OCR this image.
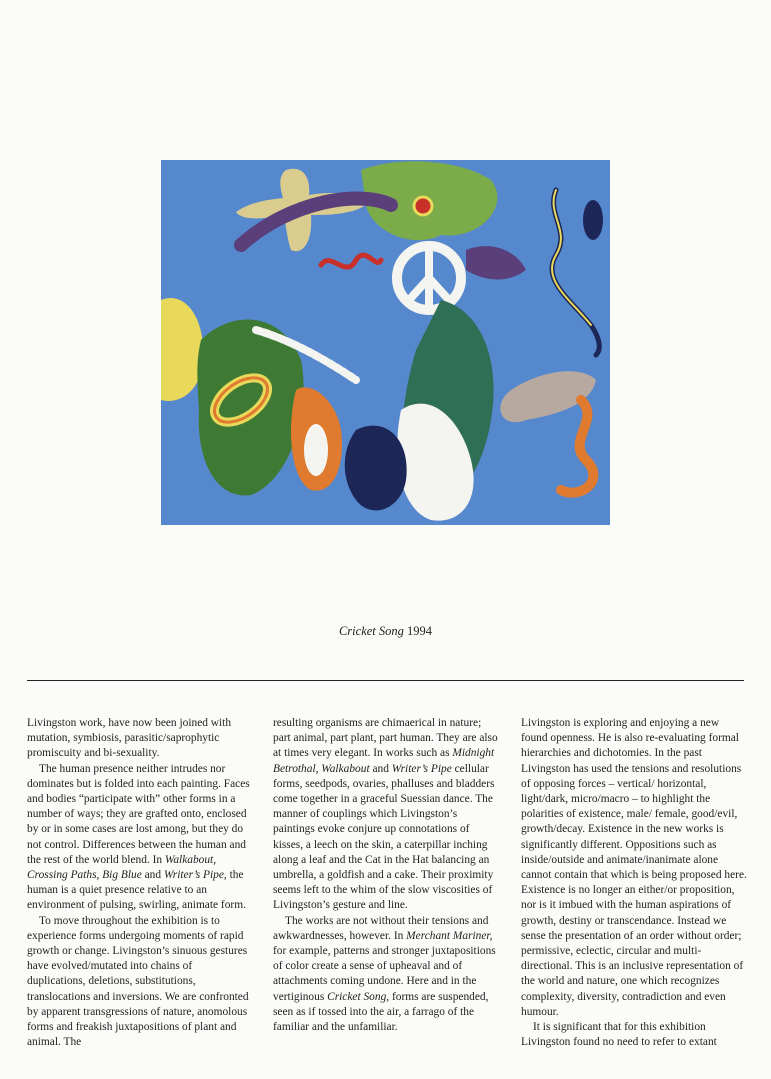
Cricket Song 1994

Livingston work, have now been joined with mutation, symbiosis, parasitic/saprophytic promiscuity and bi-sexuality.

The human presence neither intrudes nor dominates but is folded into each painting. Faces and bodies “participate with” other forms in a number of ways; they are grafted onto, enclosed by or in some cases are lost among, but they do not control. Differences between the human and the rest of the world blend. In Walkabout, Crossing Paths, Big Blue and Writer’s Pipe, the human is a quiet presence relative to an environment of pulsing, swirling, animate form.

To move throughout the exhibition is to experience forms undergoing moments of rapid growth or change. Livingston’s sinuous gestures have evolved/mutated into chains of duplications, deletions, substitutions, translocations and inversions. We are confronted by apparent transgressions of nature, anomolous forms and freakish juxtapositions of plant and animal. The

resulting organisms are chimaerical in nature; part animal, part plant, part human. They are also at times very elegant. In works such as Midnight Betrothal, Walkabout and Writer’s Pipe cellular forms, seedpods, ovaries, phalluses and bladders come together in a graceful Suessian dance. The manner of couplings which Livingston’s paintings evoke conjure up connotations of kisses, a leech on the skin, a caterpillar inching along a leaf and the Cat in the Hat balancing an umbrella, a goldfish and a cake. Their proximity seems left to the whim of the slow viscosities of Livingston’s gesture and line.

The works are not without their tensions and awkwardnesses, however. In Merchant Mariner, for example, patterns and stronger juxtapositions of color create a sense of upheaval and of attachments coming undone. Here and in the vertiginous Cricket Song, forms are suspended, seen as if tossed into the air, a farrago of the familiar and the unfamiliar.

Livingston is exploring and enjoying a new found openness. He is also re-evaluating formal hierarchies and dichotomies. In the past Livingston has used the tensions and resolutions of opposing forces – vertical/ horizontal, light/dark, micro/macro – to highlight the polarities of existence, male/ female, good/evil, growth/decay. Existence in the new works is significantly different. Oppositions such as inside/outside and animate/inanimate alone cannot contain that which is being proposed here. Existence is no longer an either/or proposition, nor is it imbued with the human aspirations of growth, destiny or transcendance. Instead we sense the presentation of an order without order; permissive, eclectic, circular and multi-directional. This is an inclusive representation of the world and nature, one which recognizes complexity, diversity, contradiction and even humour.

It is significant that for this exhibition Livingston found no need to refer to extant
